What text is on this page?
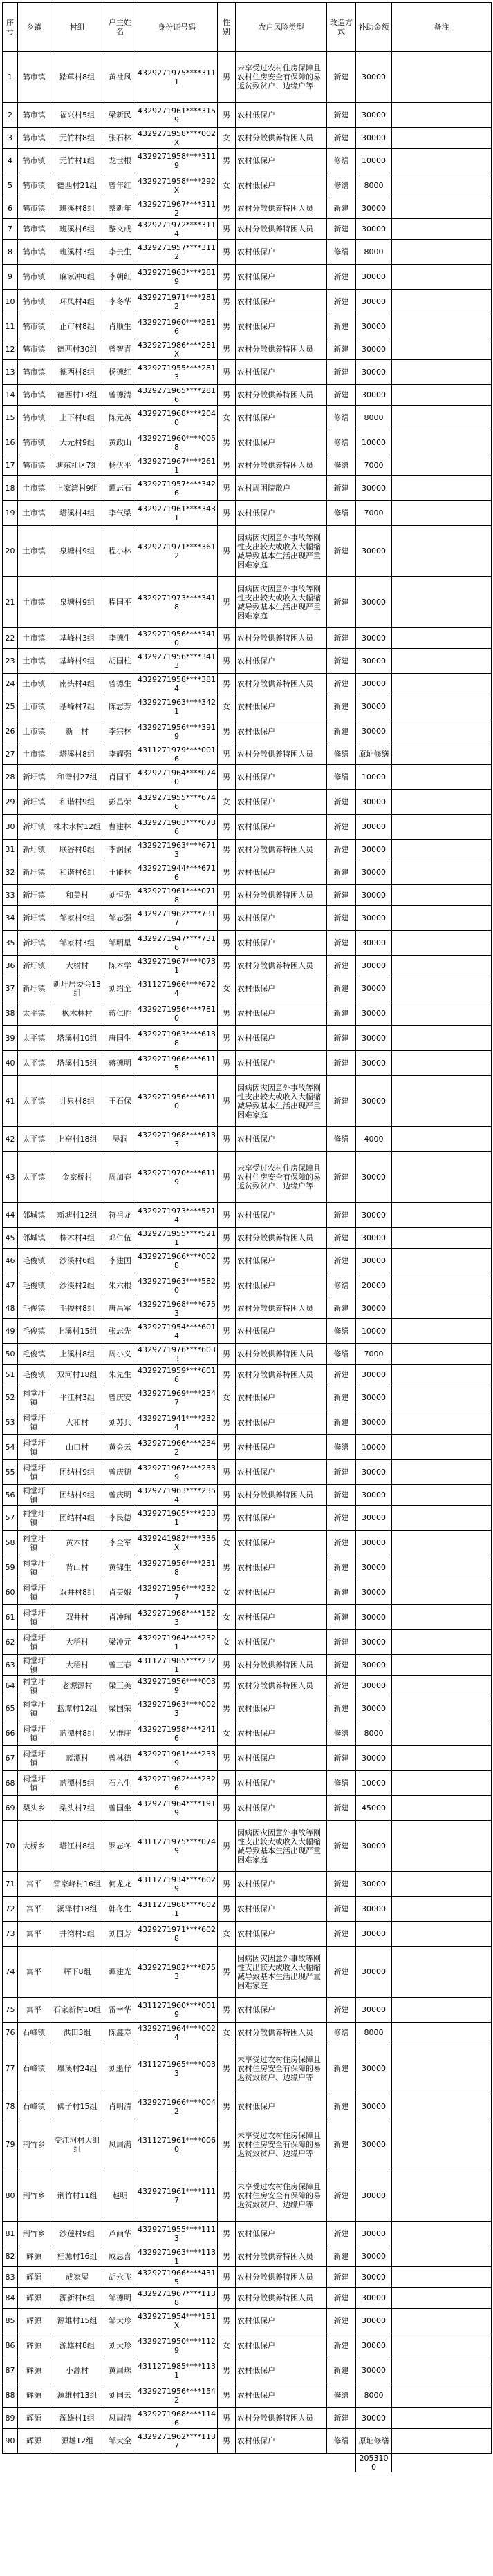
序号	乡镇	村组	户主姓名	身份证号码	性别	农户风险类型	改造方式	补助金额	备注
1	鹤市镇	踏草村8组	黄社风	4329271975****3111	男	未享受过农村住房保障且农村住房安全有保障的易返贫致贫户、边缘户等	新建	30000	
2	鹤市镇	福兴村5组	梁新民	4329271961****3159	男	农村低保户	新建	30000	
3	鹤市镇	元竹村8组	张石林	4329271958****002X	女	农村分散供养特困人员	新建	30000	
4	鹤市镇	元竹村1组	龙世根	4329271958****3119	男	农村低保户	修缮	10000	
5	鹤市镇	德西村21组	曾年红	4329271958****292X	女	农村低保户	修缮	8000	
6	鹤市镇	班溪村8组	蔡新年	4329271967****3112	男	农村分散供养特困人员	新建	30000	
7	鹤市镇	班溪村6组	黎文成	4329271972****3114	男	农村分散供养特困人员	新建	30000	
8	鹤市镇	班溪村3组	李贵生	4329271957****3112	男	农村低保户	修缮	8000	
9	鹤市镇	麻家冲8组	李朝红	4329271963****2819	男	农村低保户	新建	30000	
10	鹤市镇	环凤村4组	李冬华	4329271971****2812	男	农村低保户	新建	30000	
11	鹤市镇	正市村8组	肖顺生	4329271960****2816	男	农村低保户	新建	30000	
12	鹤市镇	德西村30组	曾智青	4329271986****281X	男	农村分散供养特困人员	新建	30000	
13	鹤市镇	德西村8组	杨德红	4329271955****2813	男	农村低保户	新建	30000	
14	鹤市镇	德西村13组	曾德清	4329271965****2816	男	农村分散供养特困人员	新建	30000	
15	鹤市镇	上下村8组	陈元英	4329271968****2040	女	农村低保户	修缮	8000	
16	鹤市镇	大元村9组	黄政山	4329271960****0058	男	农村低保户	修缮	10000	
17	鹤市镇	塘东社区7组	杨伏平	4329271967****2611	男	农村分散供养特困人员	修缮	7000	
18	土市镇	上家湾村9组	谭志石	4329271957****3426	男	农村周困院散户	新建	30000	
19	土市镇	塔溪村4组	李气梁	4329271961****3431	男	农村低保户	修缮	7000	
20	土市镇	泉塘村9组	程小林	4329271971****3612	男	因病因灾因意外事故等刚性支出较大或收入大幅缩减导致基本生活出现严重困难家庭	新建	30000	
21	土市镇	泉塘村9组	程国平	4329271973****3418	男	因病因灾因意外事故等刚性支出较大或收入大幅缩减导致基本生活出现严重困难家庭	新建	30000	
22	土市镇	基峰村3组	李德生	4329271956****3410	男	农村分散供养特困人员	新建	30000	
23	土市镇	基峰村9组	胡国柱	4329271956****3413	男	农村低保户	新建	30000	
24	土市镇	南头村4组	曾德生	4329271958****3814	男	农村分散供养特困人员	新建	30000	
25	土市镇	基峰村7组	陈志芳	4329271963****3421	女	农村低保户	新建	30000	
26	土市镇	新　村	李宗林	4329271956****3919	男	农村低保户	新建	30000	
27	土市镇	塔溪村8组	李耀强	4311271979****0016	男	农村分散供养特困人员	修缮	原址修缮	
28	新圩镇	和谐村27组	肖国平	4329271964****0740	男	农村低保户	修缮	10000	
29	新圩镇	和谐村9组	彭昌荣	4329271955****6746	女	农村低保户	新建	30000	
30	新圩镇	株木水村12组	曹建林	4329271963****0736	男	农村低保户	新建	30000	
31	新圩镇	联谷村8组	李润保	4329271963****6713	男	农村分散供养特困人员	新建	30000	
32	新圩镇	和谐村6组	王能林	4329271944****6716	男	农村低保户	新建	30000	
33	新圩镇	和美村	刘恒先	4329271961****0718	男	农村分散供养特困人员	新建	30000	
34	新圩镇	邹家村9组	邹志强	4329271962****7317	男	农村低保户	新建	30000	
35	新圩镇	邹家村3组	邹明星	4329271947****7316	男	农村低保户	新建	30000	
36	新圩镇	大树村	陈本学	4329271967****0731	男	农村分散供养特困人员	新建	30000	
37	新圩镇	新圩居委会13组	刘绍全	4311271966****6724	女	农村低保户	新建	30000	
38	太平镇	枫木林村	蒋仁胜	4329271956****7810	男	农村低保户	新建	30000	
39	太平镇	塔溪村10组	唐国生	4329271963****6138	男	农村低保户	新建	30000	
40	太平镇	塔溪村15组	蒋德明	4329271966****6115	男	农村低保户	新建	30000	
41	太平镇	井泉村8组	王石保	4329271956****6110	男	因病因灾因意外事故等刚性支出较大或收入大幅缩减导致基本生活出现严重困难家庭	新建	30000	
42	太平镇	上窑村18组	吴洞	4329271968****6133	男	农村低保户	修缮	4000	
43	太平镇	金家桥村	周加春	4329271970****6119	男	未享受过农村住房保障且农村住房安全有保障的易返贫致贫户、边缘户等	新建	30000	
44	邻城镇	新塘村12组	符祖龙	4329271973****5214	男	农村低保户	新建	30000	
45	邻城镇	株木村4组	邓仁伍	4329271955****5211	男	农村分散供养特困人员	新建	30000	
46	毛俊镇	沙溪村6组	李建国	4329271966****0028	男	农村低保户	新建	30000	
47	毛俊镇	沙溪村2组	朱六根	4329271963****5820	男	农村低保户	修缮	20000	
48	毛俊镇	毛俊村8组	唐昌军	4329271968****6753	男	农村分散供养特困人员	新建	30000	
49	毛俊镇	上溪村15组	张志先	4329271954****6014	男	农村低保户	修缮	10000	
50	毛俊镇	上溪村8组	周小义	4329271976****6033	男	农村分散供养特困人员	修缮	7000	
51	毛俊镇	双河村18组	朱先生	4329271959****6016	男	农村分散供养特困人员	新建	30000	
52	祠堂圩镇	平江村3组	曾庆安	4329271969****2347	女	农村低保户	新建	30000	
53	祠堂圩镇	大和村	刘苏兵	4329271941****2324	男	农村低保户	新建	30000	
54	祠堂圩镇	山口村	黄会云	4329271966****2342	男	农村低保户	修缮	10000	
55	祠堂圩镇	团结村9组	曾庆德	4329271967****2339	男	农村低保户	新建	30000	
56	祠堂圩镇	团结村9组	曾庆明	4329271963****2354	男	农村分散供养特困人员	新建	30000	
57	祠堂圩镇	团结村4组	李民德	4329271965****2331	男	农村低保户	新建	30000	
58	祠堂圩镇	黄木村	李全军	4329241982****336X	女	农村低保户	新建	30000	
59	祠堂圩镇	背山村	黄锦生	4329271956****2318	男	农村低保户	新建	30000	
60	祠堂圩镇	双井村8组	肖美娥	4329271956****2327	女	农村低保户	新建	30000	
61	祠堂圩镇	双井村	肖冲瑞	4329271968****1523	女	农村低保户	新建	30000	
62	祠堂圩镇	大稻村	梁冲元	4329271964****2321	女	农村低保户	新建	30000	
63	祠堂圩镇	大稻村	曾三春	4311271985****2321	男	农村分散供养特困人员	新建	30000	
64	祠堂圩镇	老源源村	梁正美	4329271956****0039	男	农村分散供养特困人员	新建	30000	
65	祠堂圩镇	蓝潭村12组	梁国荣	4329271963****0023	男	农村低保户	新建	30000	
66	祠堂圩镇	蓝潭村8组	吴群庄	4329271958****2416	女	农村低保户	修缮	8000	
67	祠堂圩镇	蓝潭村	曾林德	4329271961****2339	男	农村低保户	新建	30000	
68	祠堂圩镇	蓝潭村5组	石六生	4329271962****2326	男	农村低保户	修缮	10000	
69	梨头乡	梨头村7组	曾国坐	4329271964****1919	男	农村低保户	新建	45000	
70	大桥乡	塔江村8组	罗志冬	4311271975****0749	男	因病因灾因意外事故等刚性支出较大或收入大幅缩减导致基本生活出现严重困难家庭	新建	30000	
71	寓平	雷家峰村16组	何龙龙	4311271934****6029	男	农村低保户	新建	30000	
72	寓平	溪泽村18组	韩冬生	4311271968****6021	男	农村低保户	新建	30000	
73	寓平	井湾村5组	刘国芳	4329271971****6028	女	农村低保户	新建	30000	
74	寓平	辉下8组	谭建光	4329271982****8753	男	因病因灾因意外事故等刚性支出较大或收入大幅缩减导致基本生活出现严重困难家庭	新建	30000	
75	寓平	石家新村10组	雷幸华	4311271960****0019	男	农村低保户	新建	30000	
76	石峰镇	洪田3组	陈鑫寿	4329271964****0024	女	农村分散供养特困人员	修缮	8000	
77	石峰镇	壕溪村24组	刘逝仔	4311271965****0033	男	未享受过农村住房保障且农村住房安全有保障的易返贫致贫户、边缘户等	新建	30000	
78	石峰镇	佛子村15组	肖明清	4329271966****0042	男	农村低保户	新建	30000	
79	荆竹乡	变江河村大组组	凤周满	4311271961****0060	男	未享受过农村住房保障且农村住房安全有保障的易返贫致贫户、边缘户等	新建	30000	
80	荆竹乡	荆竹村11组	赵明	4329271961****1117	男	未享受过农村住房保障且农村住房安全有保障的易返贫致贫户、边缘户等	新建	30000	
81	荆竹乡	沙莲村9组	芦尚华	4329271955****1113	男	农村低保户	新建	30000	
82	辉源	桂源村16组	成思喜	4329271963****1131	男	农村分散供养特困人员	新建	30000	
83	辉源	成家屋	胡永飞	4329271966****4315	男	农村分散供养特困人员	新建	30000	
84	辉源	源新村6组	邹德明	4329271967****1138	男	农村分散供养特困人员	新建	30000	
85	辉源	源雄村15组	邹大珍	4329271954****151X	男	农村低保户	新建	30000	
86	辉源	源雄村8组	刘大珍	4329271950****1129	女	农村低保户	新建	30000	
87	辉源	小源村	黄周珠	4311271985****1131	男	农村低保户	新建	30000	
88	辉源	源雄村13组	刘国云	4329271956****1542	男	农村低保户	修缮	8000	
89	辉源	源雄村1组	凤周清	4329271968****1146	男	农村分散供养特困人员	新建	30000	
90	辉源	源雄12组	邹大全	4329271962****1137	男	农村低保户	修缮	原址修缮	
								2053100	
